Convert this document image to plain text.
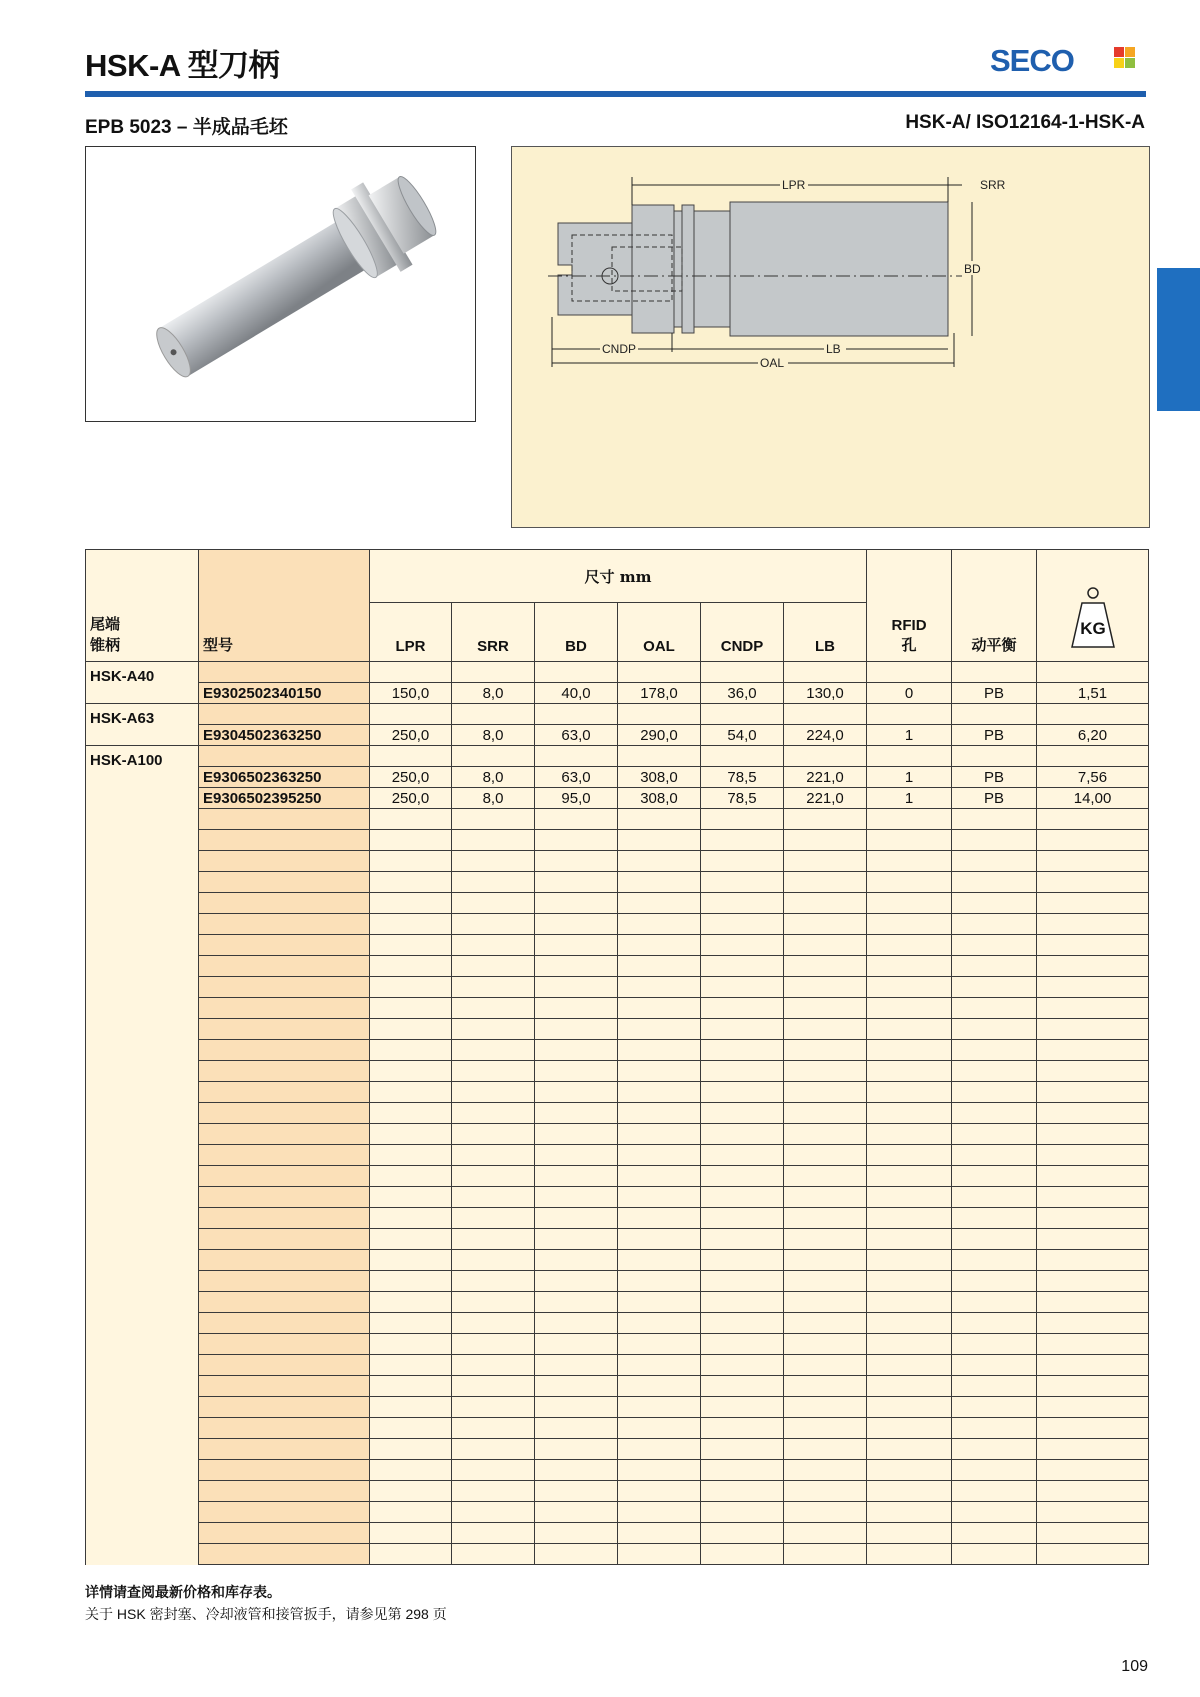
HSK-A 型刀柄	SECO
EPB 5023 – 半成品毛坯	HSK-A/ ISO12164-1-HSK-A
LPR	SRR
BD
CNDP	LB
OAL
尾端
锥柄	型号	尺寸 mm						RFID
孔	动平衡	KG

		LPR	SRR	BD	OAL	CNDP	LB			
HSK-A40										
	E9302502340150	150,0	8,0	40,0	178,0	36,0	130,0	0	PB	1,51
HSK-A63										
	E9304502363250	250,0	8,0	63,0	290,0	54,0	224,0	1	PB	6,20
HSK-A100										
	E9306502363250	250,0	8,0	63,0	308,0	78,5	221,0	1	PB	7,56
	E9306502395250	250,0	8,0	95,0	308,0	78,5	221,0	1	PB	14,00

详情请查阅最新价格和库存表。
关于 HSK 密封塞、冷却液管和接管扳手，请参见第 298 页
109
